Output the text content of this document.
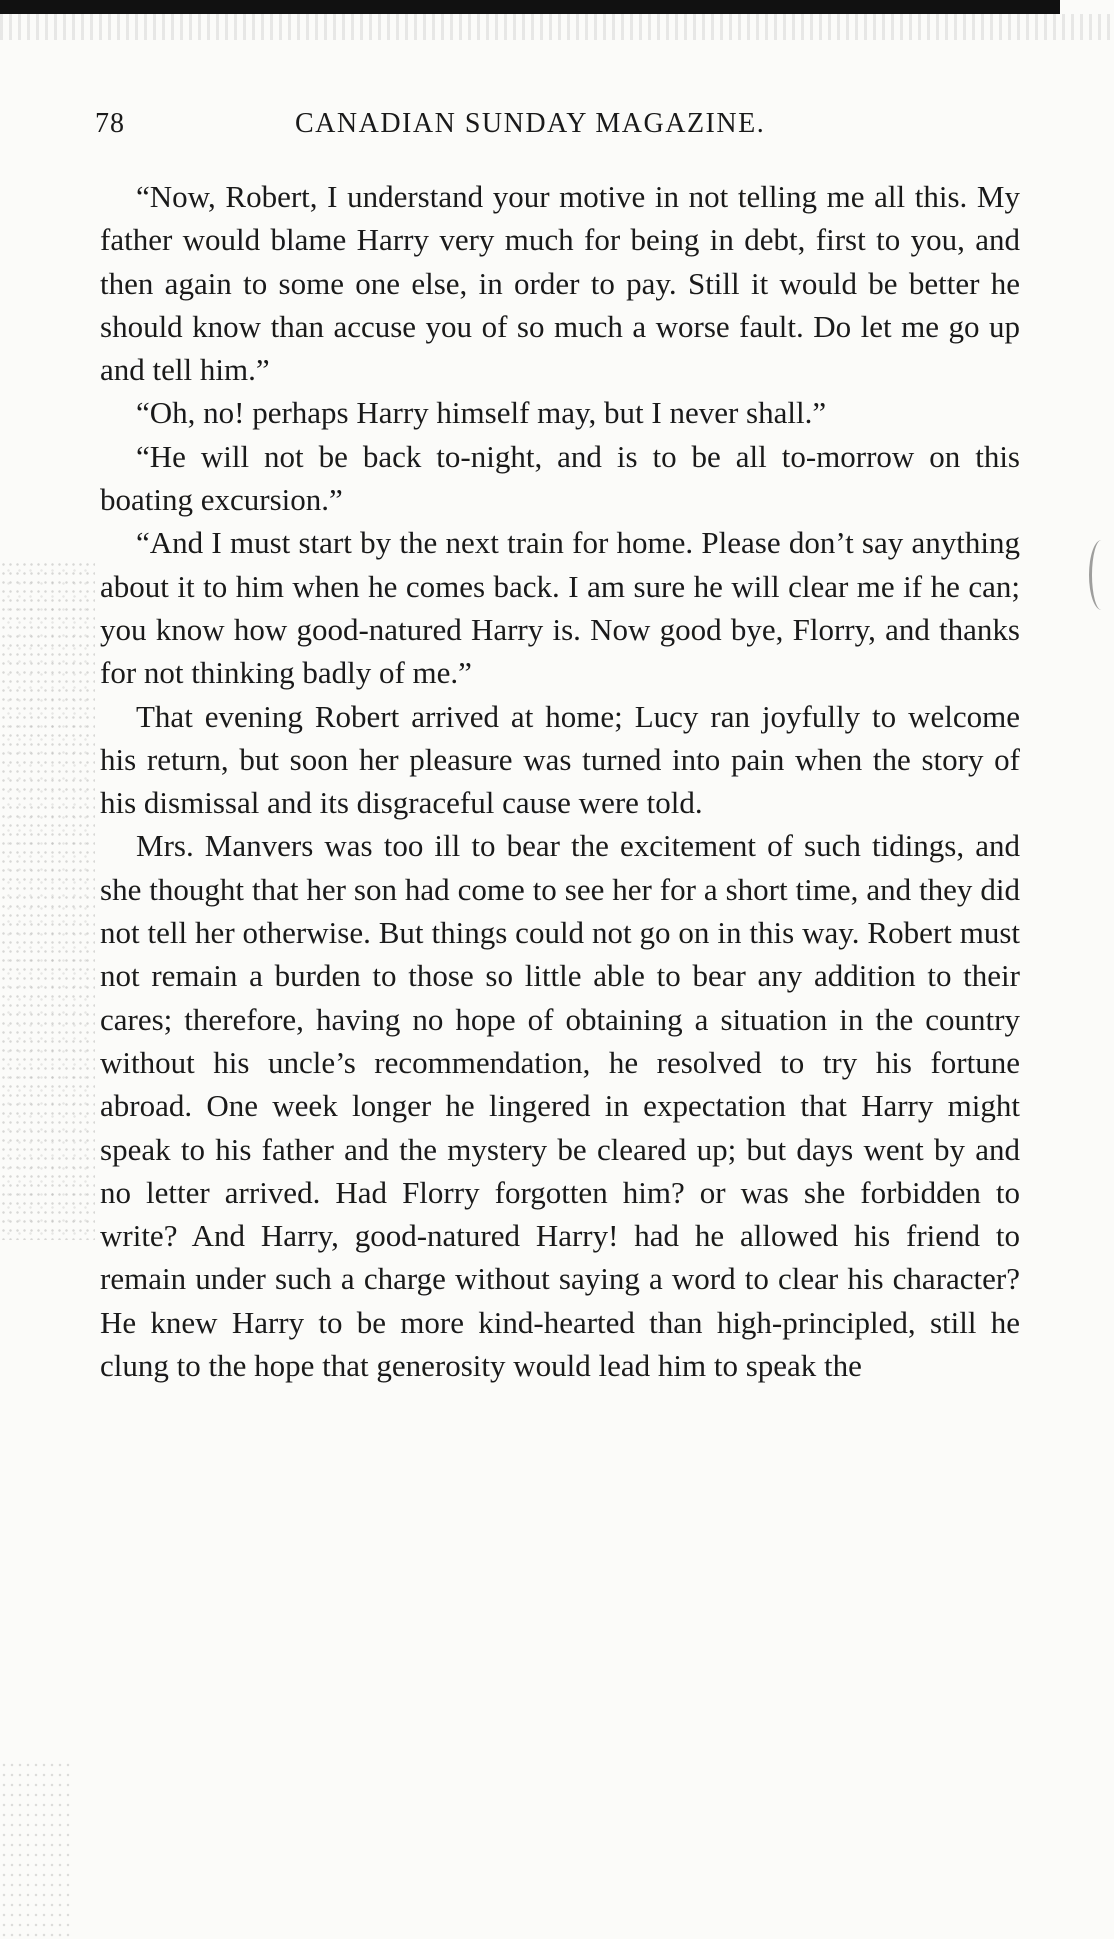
78	CANADIAN SUNDAY MAGAZINE.

“Now, Robert, I understand your motive in not telling me all this. My father would blame Harry very much for being in debt, first to you, and then again to some one else, in order to pay. Still it would be better he should know than accuse you of so much a worse fault. Do let me go up and tell him.”

“Oh, no! perhaps Harry himself may, but I never shall.”

“He will not be back to-night, and is to be all to-morrow on this boating excursion.”

“And I must start by the next train for home. Please don’t say anything about it to him when he comes back. I am sure he will clear me if he can; you know how good-natured Harry is. Now good bye, Florry, and thanks for not thinking badly of me.”

That evening Robert arrived at home; Lucy ran joyfully to welcome his return, but soon her pleasure was turned into pain when the story of his dismissal and its disgraceful cause were told.

Mrs. Manvers was too ill to bear the excitement of such tidings, and she thought that her son had come to see her for a short time, and they did not tell her otherwise. But things could not go on in this way. Robert must not remain a burden to those so little able to bear any addition to their cares; therefore, having no hope of obtaining a situation in the country without his uncle’s recommendation, he resolved to try his fortune abroad. One week longer he lingered in expectation that Harry might speak to his father and the mystery be cleared up; but days went by and no letter arrived. Had Florry forgotten him? or was she forbidden to write? And Harry, good-natured Harry! had he allowed his friend to remain under such a charge without saying a word to clear his character? He knew Harry to be more kind-hearted than high-principled, still he clung to the hope that generosity would lead him to speak the
